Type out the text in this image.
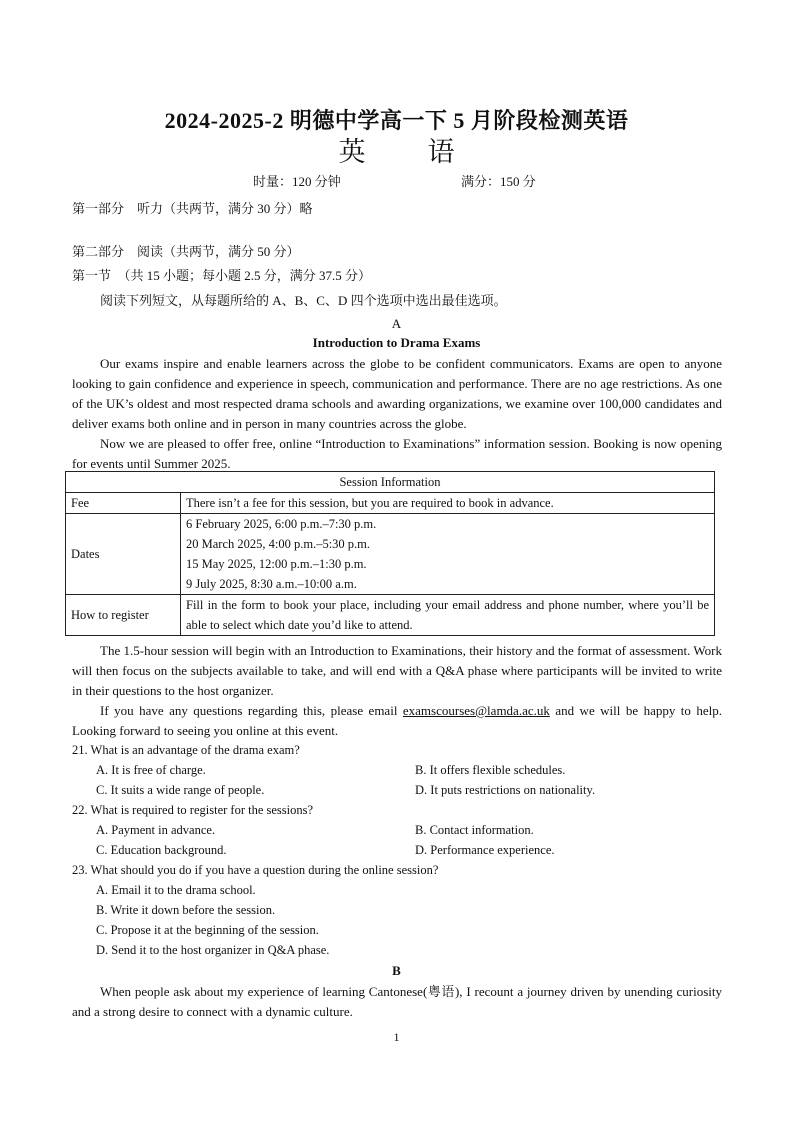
2024-2025-2 明德中学高一下 5 月阶段检测英语
英 语
时量：120 分钟	满分：150 分
第一部分　听力（共两节，满分 30 分）略
第二部分　阅读（共两节，满分 50 分）
第一节　（共 15 小题；每小题 2.5 分，满分 37.5 分）
阅读下列短文，从每题所给的 A、B、C、D 四个选项中选出最佳选项。
A
Introduction to Drama Exams
Our exams inspire and enable learners across the globe to be confident communicators. Exams are open to anyone looking to gain confidence and experience in speech, communication and performance. There are no age restrictions. As one of the UK’s oldest and most respected drama schools and awarding organizations, we examine over 100,000 candidates and deliver exams both online and in person in many countries across the globe.
Now we are pleased to offer free, online “Introduction to Examinations” information session. Booking is now opening for events until Summer 2025.
Session Information	
Fee	There isn’t a fee for this session, but you are required to book in advance.
Dates	6 February 2025, 6:00 p.m.–7:30 p.m.
20 March 2025, 4:00 p.m.–5:30 p.m.
15 May 2025, 12:00 p.m.–1:30 p.m.
9 July 2025, 8:30 a.m.–10:00 a.m.

How to register	Fill in the form to book your place, including your email address and phone number, where you’ll be able to select which date you’d like to attend.
The 1.5-hour session will begin with an Introduction to Examinations, their history and the format of assessment. Work will then focus on the subjects available to take, and will end with a Q&A phase where participants will be invited to write in their questions to the host organizer.
If you have any questions regarding this, please email examscourses@lamda.ac.uk and we will be happy to help. Looking forward to seeing you online at this event.
21. What is an advantage of the drama exam?
A. It is free of charge.	B. It offers flexible schedules.
C. It suits a wide range of people.	D. It puts restrictions on nationality.
22. What is required to register for the sessions?
A. Payment in advance.	B. Contact information.
C. Education background.	D. Performance experience.
23. What should you do if you have a question during the online session?
A. Email it to the drama school.
B. Write it down before the session.
C. Propose it at the beginning of the session.
D. Send it to the host organizer in Q&A phase.
B
When people ask about my experience of learning Cantonese(粤语), I recount a journey driven by unending curiosity and a strong desire to connect with a dynamic culture.
1
